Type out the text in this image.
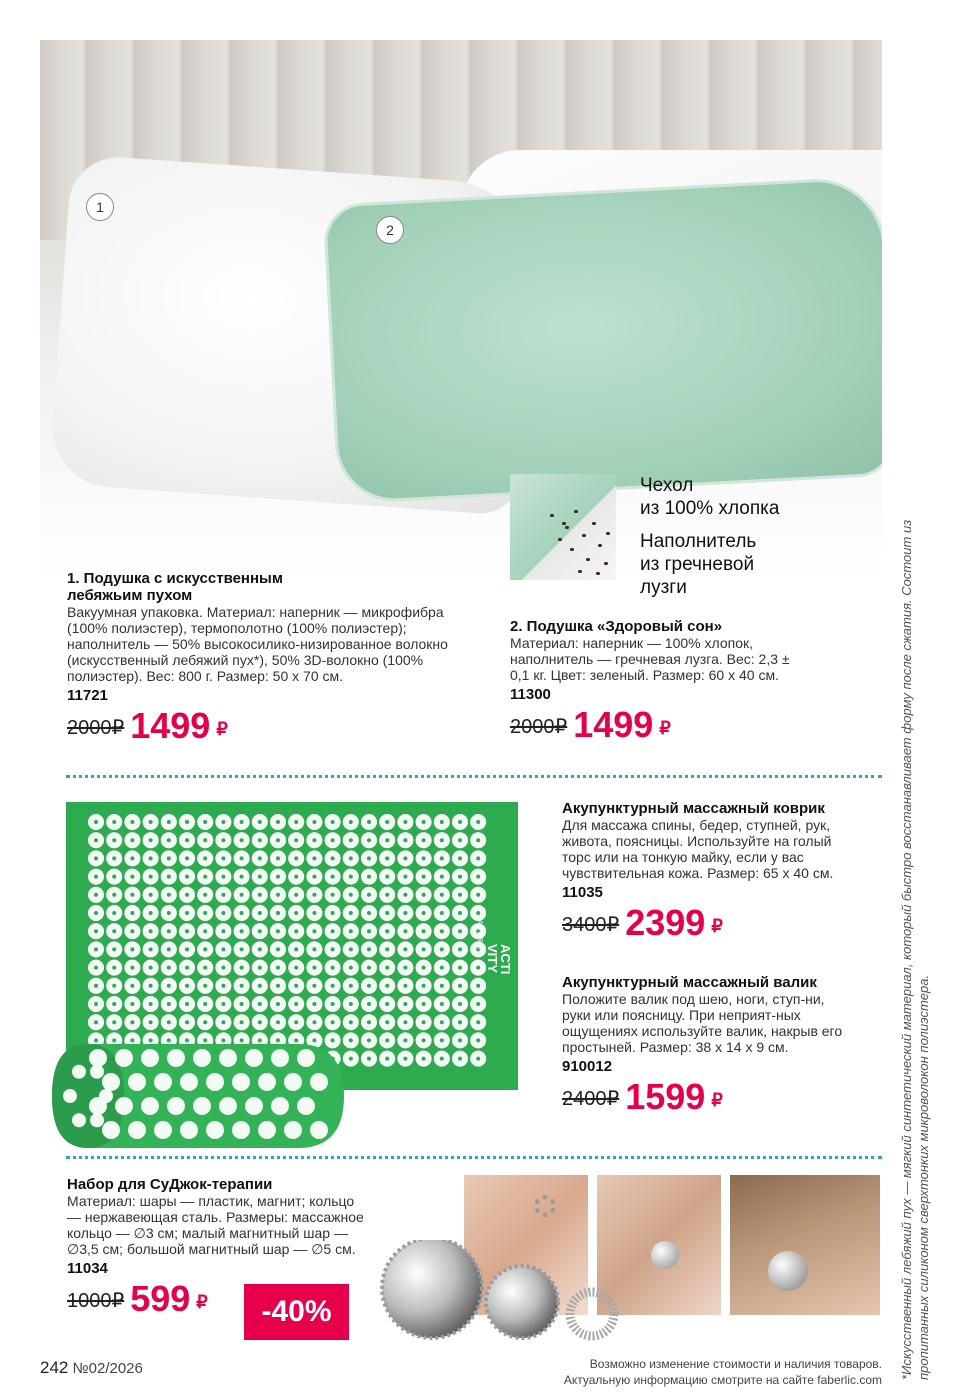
1
2
Чехол
из 100% хлопка
Наполнитель
из гречневой
лузги
1. Подушка с искусственным лебяжьим пухом
Вакуумная упаковка. Материал: наперник — микрофибра (100% полиэстер), термополотно (100% полиэстер); наполнитель — 50% высокосилико-низированное волокно (искусственный лебяжий пух*), 50% 3D-волокно (100% полиэстер). Вес: 800 г. Размер: 50 х 70 см.
11721
2000₽ 1499 ₽
2. Подушка «Здоровый сон»
Материал: наперник — 100% хлопок, наполнитель — гречневая лузга. Вес: 2,3 ± 0,1 кг. Цвет: зеленый. Размер: 60 х 40 см.
11300
2000₽ 1499 ₽
FABERLIC
ACTI VITY
Акупунктурный массажный коврик
Для массажа спины, бедер, ступней, рук, живота, поясницы. Используйте на голый торс или на тонкую майку, если у вас чувствительная кожа. Размер: 65 х 40 см.
11035
3400₽ 2399 ₽
Акупунктурный массажный валик
Положите валик под шею, ноги, ступ-ни, руки или поясницу. При неприят-ных ощущениях используйте валик, накрыв его простыней. Размер: 38 х 14 х 9 см.
910012
2400₽ 1599 ₽
Набор для СуДжок-терапии
Материал: шары — пластик, магнит; кольцо — нержавеющая сталь. Размеры: массажное кольцо — ∅3 см; малый магнитный шар — ∅3,5 см; большой магнитный шар — ∅5 см.
11034
1000₽ 599 ₽	-40%	*Искусственный лебяжий пух — мягкий синтетический материал, который быстро восстанавливает форму после сжатия. Состоит из пропитанных силиконом сверхтонких микроволокон полиэстера.
242 №02/2026	Возможно изменение стоимости и наличия товаров.
Актуальную информацию смотрите на сайте faberlic.com
